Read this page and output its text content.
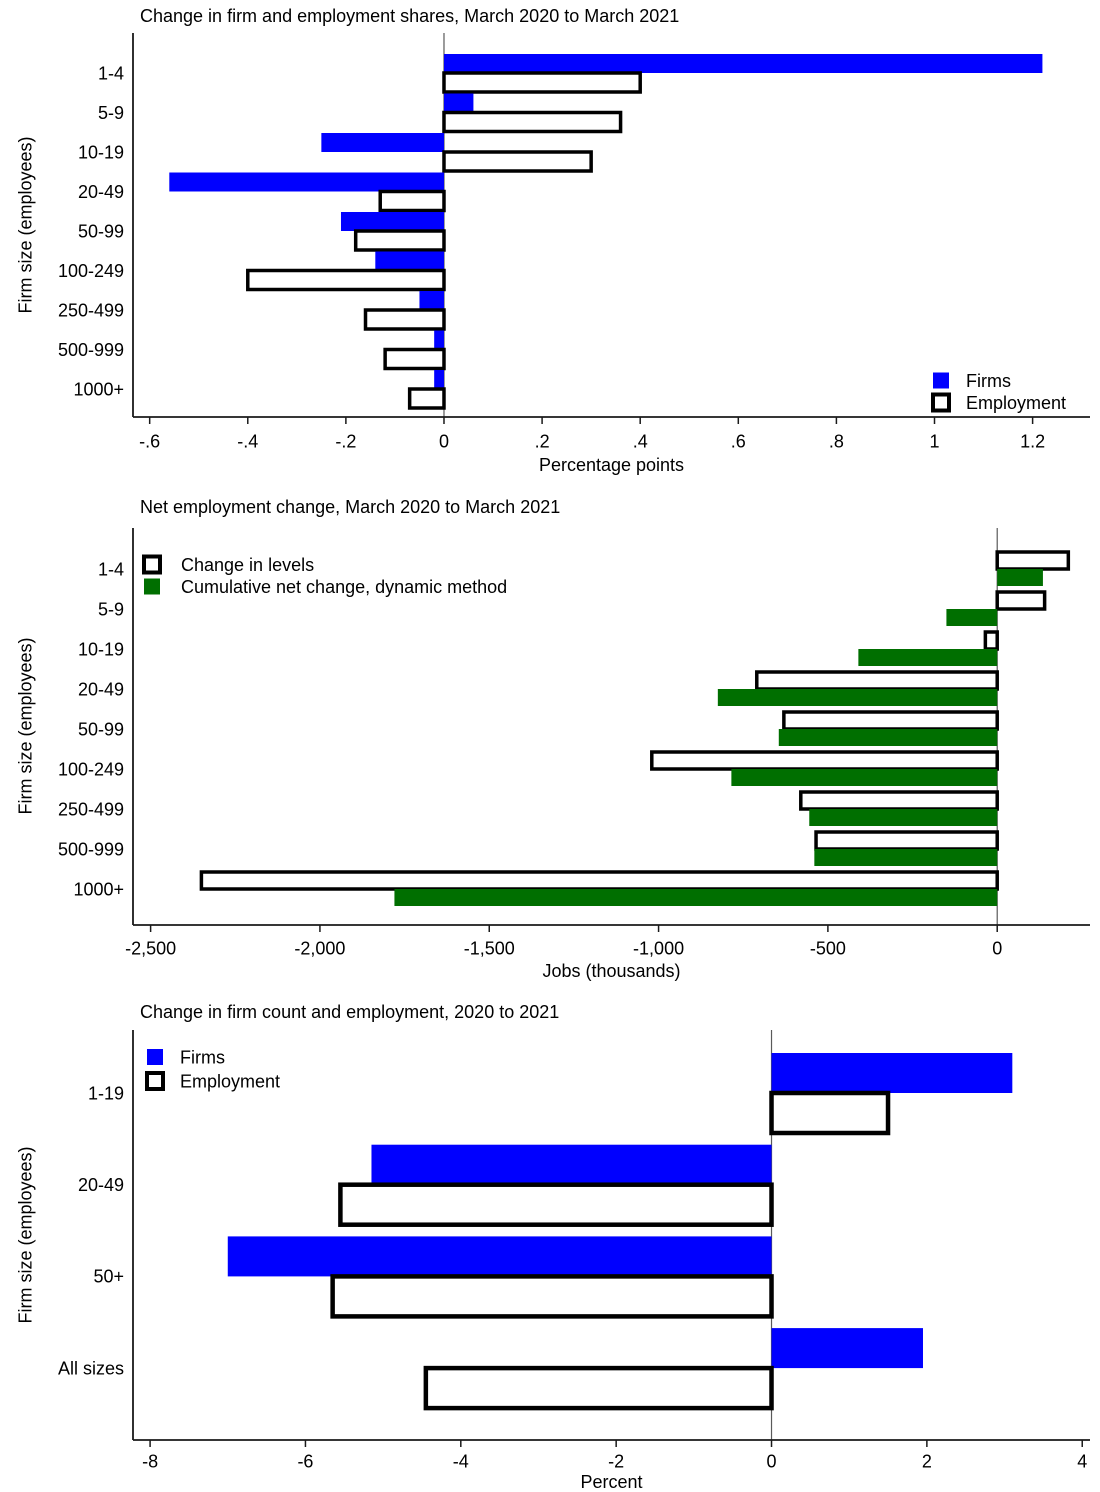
1-4
5-9
10-19
20-49
50-99
100-249
250-499
500-999
1000+
-.6	-.4	-.2	0	.2	.4	.6	.8	1	1.2
Firms
Employment
1-4
5-9
10-19
20-49
50-99
100-249
250-499
500-999
1000+
-2,500	-2,000	-1,500	-1,000	-500	0
Change in levels
Cumulative net change, dynamic method
1-19
20-49
50+
All sizes
-8	-6	-4	-2	0	2	4
Firms
Employment
Change in firm and employment shares, March 2020 to March 2021
Net employment change, March 2020 to March 2021
Change in firm count and employment, 2020 to 2021
Percentage points
Jobs (thousands)
Percent
Firm size (employees)
Firm size (employees)
Firm size (employees)
